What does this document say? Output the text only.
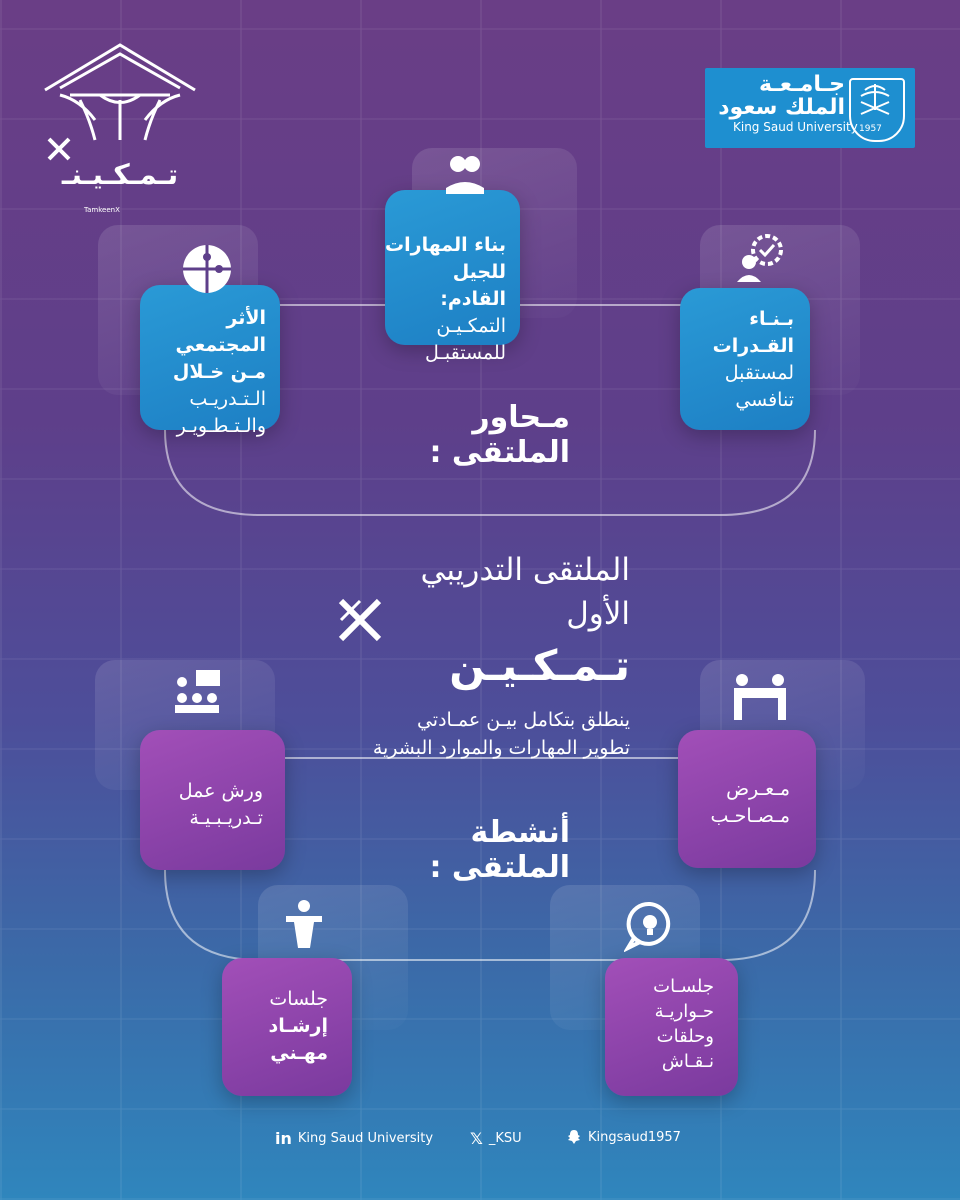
تـمـكـيـنـ
TamkeenX
جـامـعـة
الملك سعود
King Saud University 1957
بناء المهارات
للجيل القادم:
التمكـيـن
للمستقبـل
الأثر المجتمعي
مـن خـلال
الـتـدريـب
والـتـطـويـر
بـنـاء
القـدرات
لمستقبل
تنافسي
مـحاور الملتقى :
الملتقى التدريبي الأول
تـمـكـيـن
ينطلق بتكامل بيـن عمـادتي
تطوير المهارات والموارد البشرية
ورش عمل
تـدريـبـيـة
مـعـرض
مـصـاحـب
أنشطة الملتقى :
جلسات
إرشـاد
مهـني
جلسـات
حـواريـة
وحلقات
نـقـاش
in King Saud University 𝕏 _KSU	Kingsaud1957
